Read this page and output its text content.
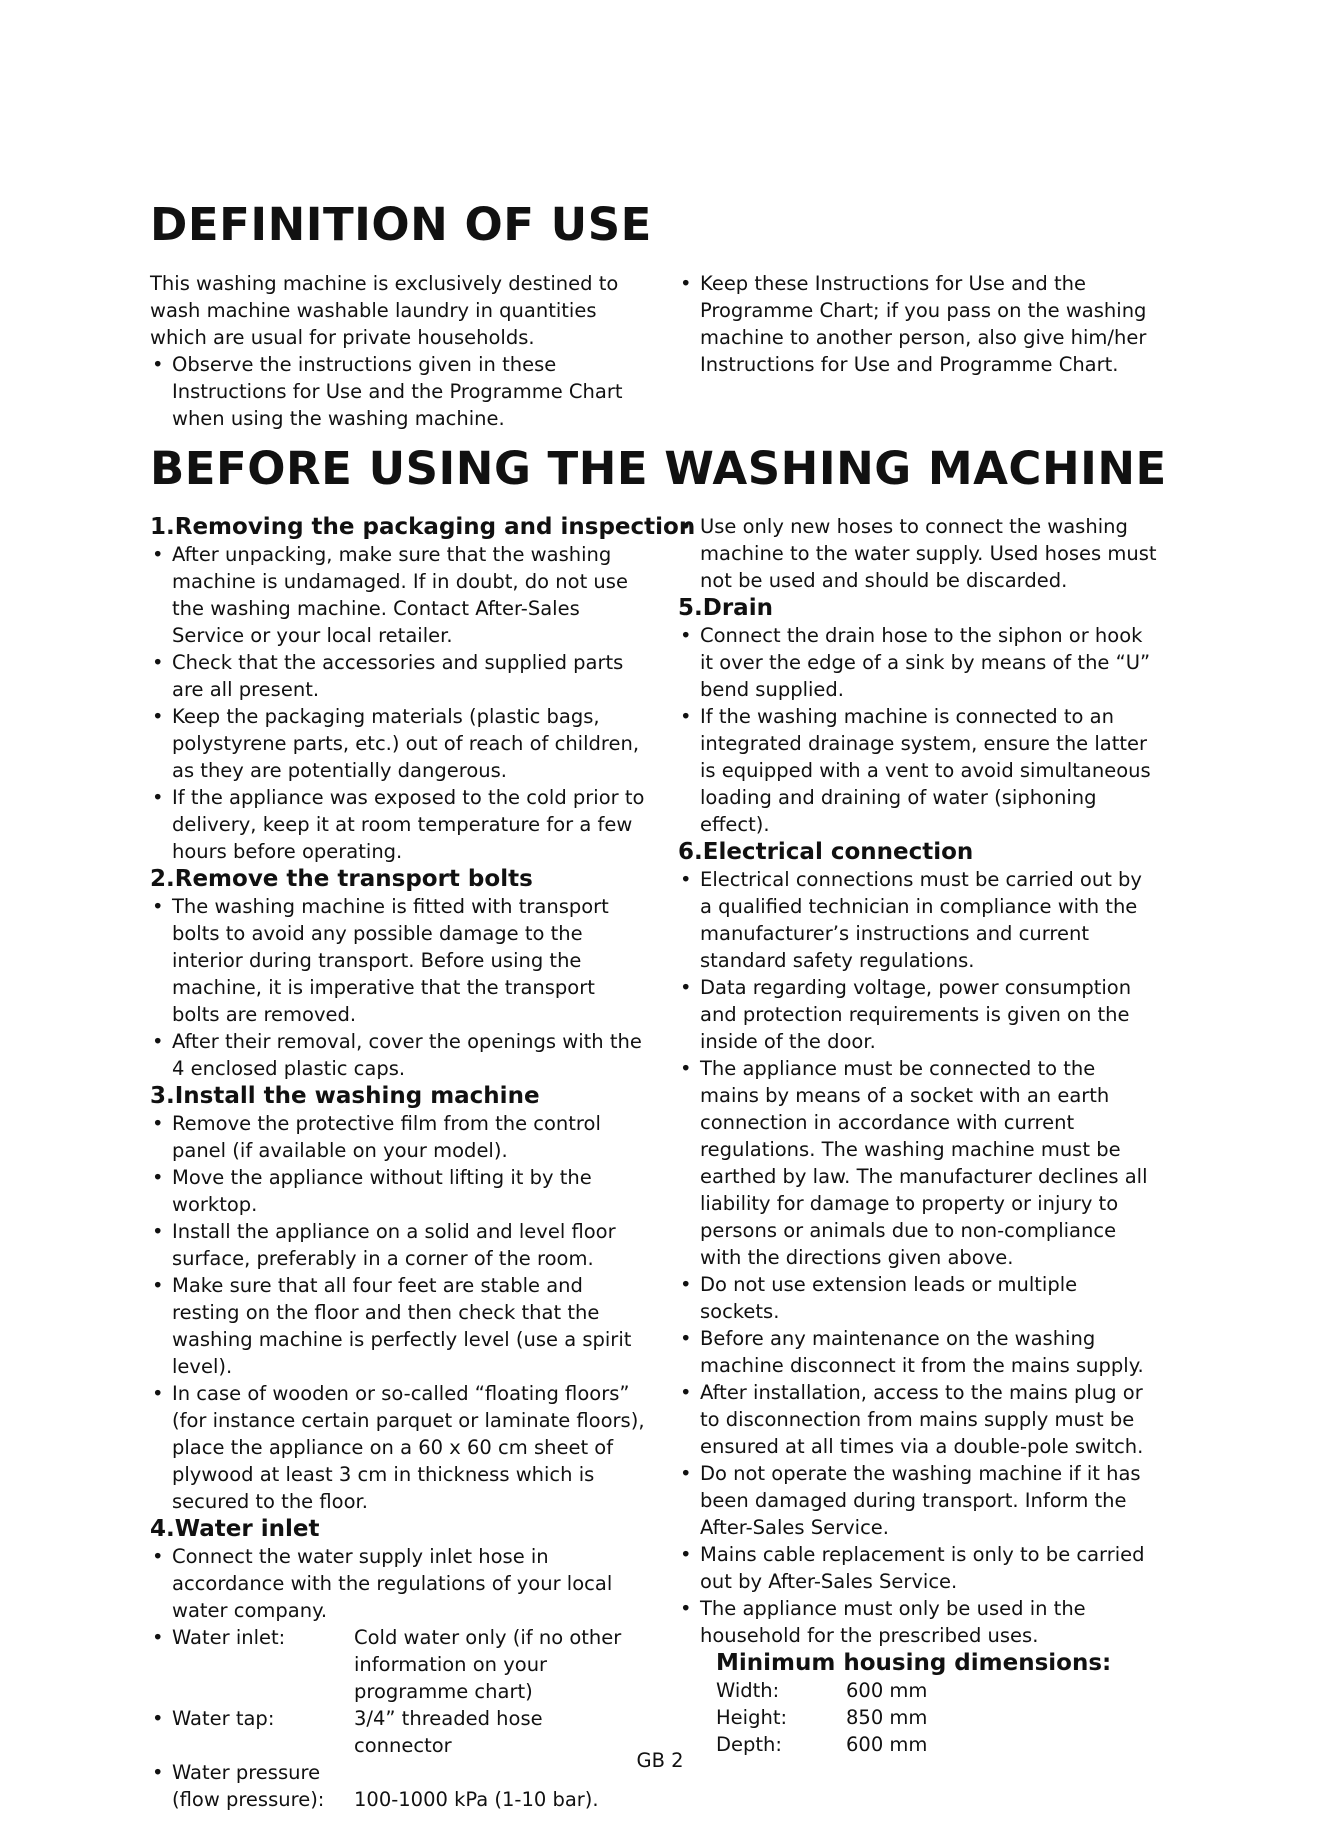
DEFINITION OF USE

This washing machine is exclusively destined to wash machine washable laundry in quantities which are usual for private households.

• Observe the instructions given in these Instructions for Use and the Programme Chart when using the washing machine.
• Keep these Instructions for Use and the Programme Chart; if you pass on the washing machine to another person, also give him/her Instructions for Use and Programme Chart.
BEFORE USING THE WASHING MACHINE
1.Removing the packaging and inspection
• After unpacking, make sure that the washing machine is undamaged. If in doubt, do not use the washing machine. Contact After-Sales Service or your local retailer.
• Check that the accessories and supplied parts are all present.
• Keep the packaging materials (plastic bags, polystyrene parts, etc.) out of reach of children, as they are potentially dangerous.
• If the appliance was exposed to the cold prior to delivery, keep it at room temperature for a few hours before operating.
2.Remove the transport bolts
• The washing machine is fitted with transport bolts to avoid any possible damage to the interior during transport. Before using the machine, it is imperative that the transport bolts are removed.
• After their removal, cover the openings with the 4 enclosed plastic caps.
3.Install the washing machine
• Remove the protective film from the control panel (if available on your model).
• Move the appliance without lifting it by the worktop.
• Install the appliance on a solid and level floor surface, preferably in a corner of the room.
• Make sure that all four feet are stable and resting on the floor and then check that the washing machine is perfectly level (use a spirit level).
• In case of wooden or so-called “floating floors” (for instance certain parquet or laminate floors), place the appliance on a 60 x 60 cm sheet of plywood at least 3 cm in thickness which is secured to the floor.
4.Water inlet
• Connect the water supply inlet hose in accordance with the regulations of your local water company.
• Water inlet:	Cold water only (if no other information on your programme chart)
• Water tap:	3/4” threaded hose connector
• Water pressure (flow pressure):	100-1000 kPa (1-10 bar).
• Use only new hoses to connect the washing machine to the water supply. Used hoses must not be used and should be discarded.
5.Drain
• Connect the drain hose to the siphon or hook it over the edge of a sink by means of the “U” bend supplied.
• If the washing machine is connected to an integrated drainage system, ensure the latter is equipped with a vent to avoid simultaneous loading and draining of water (siphoning effect).
6.Electrical connection
• Electrical connections must be carried out by a qualified technician in compliance with the manufacturer’s instructions and current standard safety regulations.
• Data regarding voltage, power consumption and protection requirements is given on the inside of the door.
• The appliance must be connected to the mains by means of a socket with an earth connection in accordance with current regulations. The washing machine must be earthed by law. The manufacturer declines all liability for damage to property or injury to persons or animals due to non-compliance with the directions given above.
• Do not use extension leads or multiple sockets.
• Before any maintenance on the washing machine disconnect it from the mains supply.
• After installation, access to the mains plug or to disconnection from mains supply must be ensured at all times via a double-pole switch.
• Do not operate the washing machine if it has been damaged during transport. Inform the After-Sales Service.
• Mains cable replacement is only to be carried out by After-Sales Service.
• The appliance must only be used in the household for the prescribed uses.
Minimum housing dimensions:
Width:	600 mm
Height:	850 mm
Depth:	600 mm
GB 2
